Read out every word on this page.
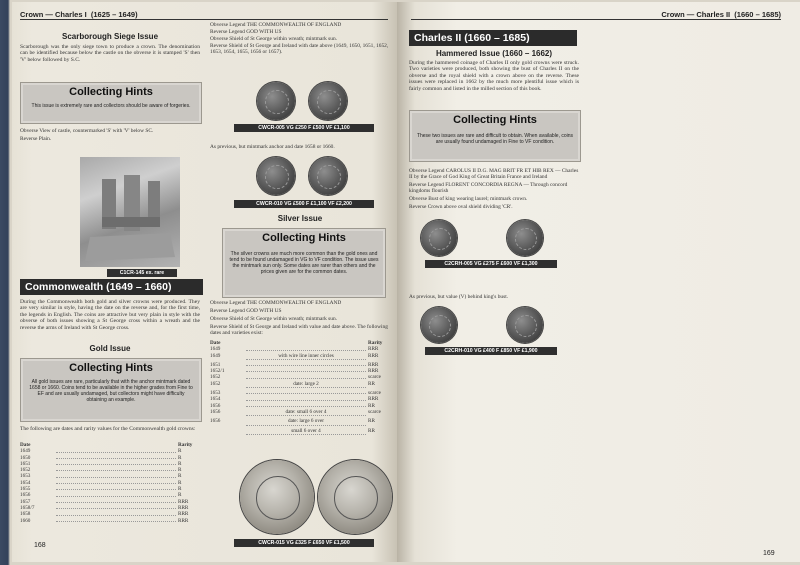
Crown — Charles I (1625 – 1649)
Scarborough Siege Issue
Scarborough was the only siege town to produce a crown. The denomination can be identified because below the castle on the obverse it is stamped 'S' then 'V' below followed by S.C.
Collecting Hints
This issue is extremely rare and collectors should be aware of forgeries.
Obverse View of castle, countermarked 'S' with 'V' below SC.
Reverse Plain.
C1CR-145 ex. rare
Commonwealth (1649 – 1660)
During the Commonwealth both gold and silver crowns were produced. They are very similar in style, having the date on the reverse and, for the first time, the legends in English. The coins are attractive but very plain in style with the obverse of both issues showing a St George cross within a wreath and the reverse the arms of Ireland with St George cross.
Gold Issue
Collecting Hints
All gold issues are rare, particularly that with the anchor mintmark dated 1658 or 1660. Coins tend to be available in the higher grades from Fine to EF and are usually undamaged, but collectors might have difficulty obtaining an example.
The following are dates and rarity values for the Commonwealth gold crowns:
Date	Rarity
1649	R
1650	R
1651	R
1652	R
1653	R
1654	R
1655	R
1656	R
1657	RRR
1658/7	RRR
1658	RRR
1660	RRR
168
Obverse Legend THE COMMONWEALTH OF ENGLAND
Reverse Legend GOD WITH US
Obverse Shield of St George within wreath; mintmark sun.
Reverse Shield of St George and Ireland with date above (1649, 1650, 1651, 1652, 1653, 1654, 1655, 1656 or 1657).
CWCR-005 VG £250 F £500 VF £1,100
As previous, but mintmark anchor and date 1658 or 1660.
CWCR-010 VG £500 F £1,100 VF £2,200
Silver Issue
Collecting Hints
The silver crowns are much more common than the gold ones and tend to be found undamaged in VG to VF condition. The issue uses the mintmark sun only. Some dates are rarer than others and the prices given are for the common dates.
Obverse Legend THE COMMONWEALTH OF ENGLAND
Reverse Legend GOD WITH US
Obverse Shield of St George within wreath; mintmark sun.
Reverse Shield of St George and Ireland with value and date above. The following dates and varieties exist:
Date	Rarity
1649	RRR
1649	with wire line inner circles	RRR
1651	RRR
1652/1	RRR
1652	scarce
1652	date: large 2	RR
1653	scarce
1654	RRR
1656	RR
1656	date: small 6 over 4	scarce
1656	date: large 6 over	RR
small 6 over 4	RR
CWCR-015 VG £325 F £650 VF £1,500
Crown — Charles II (1660 – 1685)
Charles II (1660 – 1685)
Hammered Issue (1660 – 1662)
During the hammered coinage of Charles II only gold crowns were struck. Two varieties were produced, both showing the bust of Charles II on the obverse and the royal shield with a crown above on the reverse. These issues were replaced in 1662 by the much more plentiful issue which is fairly common and listed in the milled section of this book.
Collecting Hints
These two issues are rare and difficult to obtain. When available, coins are usually found undamaged in Fine to VF condition.
Obverse Legend CAROLUS II D.G. MAG BRIT FR ET HIB REX — Charles II by the Grace of God King of Great Britain France and Ireland
Reverse Legend FLORENT CONCORDIA REGNA — Through concord kingdoms flourish
Obverse Bust of king wearing laurel; mintmark crown.
Reverse Crown above oval shield dividing 'CR'.
C2CRH-005 VG £275 F £600 VF £1,300
As previous, but value (V) behind king's bust.
C2CRH-010 VG £400 F £850 VF £1,900
169
